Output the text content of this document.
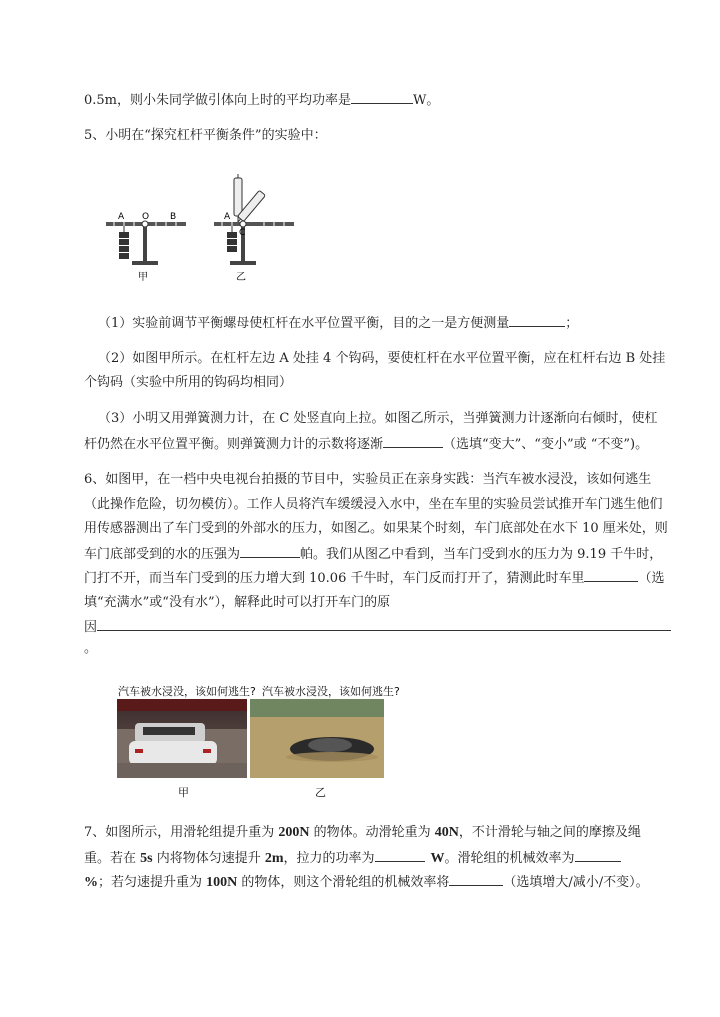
0.5m，则小朱同学做引体向上时的平均功率是	W。
5、小明在“探究杠杆平衡条件”的实验中：
A O B
甲
A
C
乙
（1）实验前调节平衡螺母使杠杆在水平位置平衡，目的之一是方便测量	；
（2）如图甲所示。在杠杆左边 A 处挂 4 个钩码，要使杠杆在水平位置平衡，应在杠杆右边 B 处挂
个钩码（实验中所用的钩码均相同）
（3）小明又用弹簧测力计，在 C 处竖直向上拉。如图乙所示，当弹簧测力计逐渐向右倾时，使杠
杆仍然在水平位置平衡。则弹簧测力计的示数将逐渐	（选填“变大”、“变小”或 “不变”)。
6、如图甲，在一档中央电视台拍摄的节目中，实验员正在亲身实践：当汽车被水浸没，该如何逃生
（此操作危险，切勿模仿）。工作人员将汽车缓缓浸入水中，坐在车里的实验员尝试推开车门逃生他们
用传感器测出了车门受到的外部水的压力，如图乙。如果某个时刻，车门底部处在水下 10 厘米处，则
车门底部受到的水的压强为	帕。我们从图乙中看到，当车门受到水的压力为 9.19 千牛时，
门打不开，而当车门受到的压力增大到 10.06 千牛时，车门反而打开了，猜测此时车里	（选
填“充满水”或“没有水”），解释此时可以打开车门的原
因
。
汽车被水浸没，该如何逃生? 汽车被水浸没，该如何逃生?
甲	乙
7、如图所示，用滑轮组提升重为 200N 的物体。动滑轮重为 40N，不计滑轮与轴之间的摩擦及绳
重。若在 5s 内将物体匀速提升 2m，拉力的功率为	W。滑轮组的机械效率为
%；若匀速提升重为 100N 的物体，则这个滑轮组的机械效率将	（选填增大/减小/不变）。
